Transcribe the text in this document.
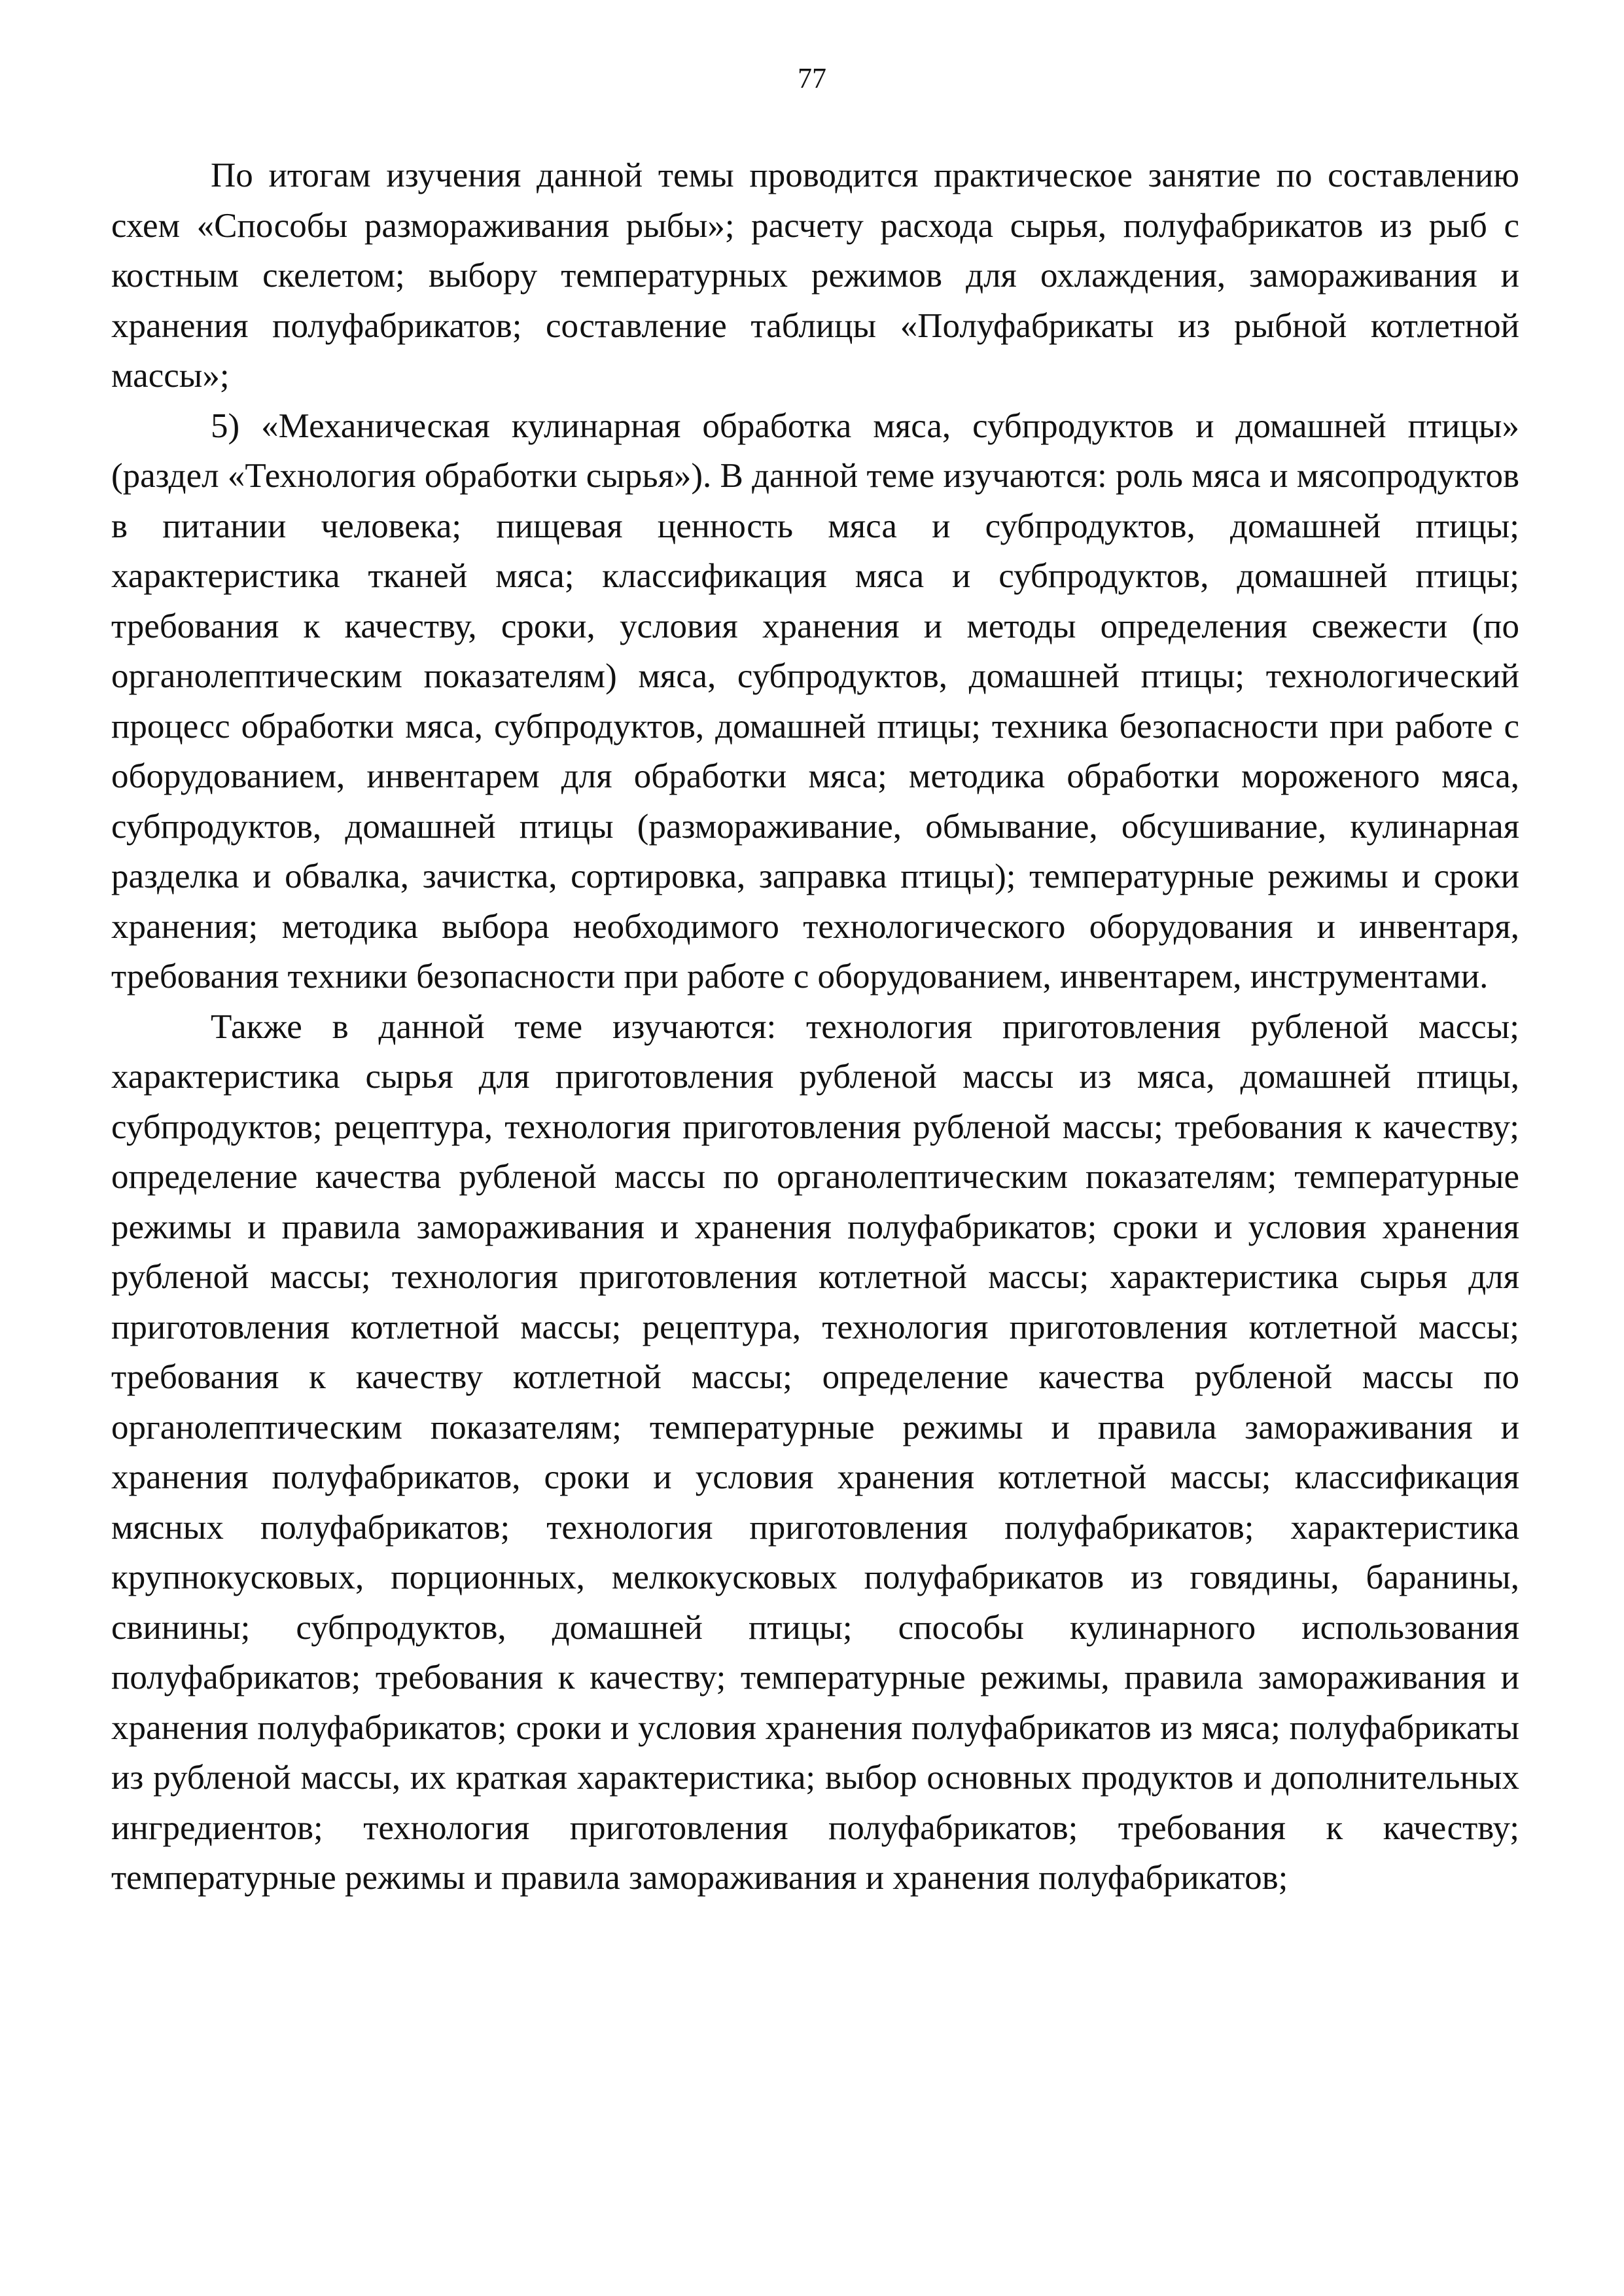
77

По итогам изучения данной темы проводится практическое занятие по составлению схем «Способы размораживания рыбы»; расчету расхода сырья, полуфабрикатов из рыб с костным скелетом; выбору температурных режимов для охлаждения, замораживания и хранения полуфабрикатов; составление таблицы «Полуфабрикаты из рыбной котлетной массы»;

5) «Механическая кулинарная обработка мяса, субпродуктов и домашней птицы» (раздел «Технология обработки сырья»). В данной теме изучаются: роль мяса и мясопродуктов в питании человека; пищевая ценность мяса и субпродуктов, домашней птицы; характеристика тканей мяса; классификация мяса и субпродуктов, домашней птицы; требования к качеству, сроки, условия хранения и методы определения свежести (по органолептическим показателям) мяса, субпродуктов, домашней птицы; технологический процесс обработки мяса, субпродуктов, домашней птицы; техника безопасности при работе с оборудованием, инвентарем для обработки мяса; методика обработки мороженого мяса, субпродуктов, домашней птицы (размораживание, обмывание, обсушивание, кулинарная разделка и обвалка, зачистка, сортировка, заправка птицы); температурные режимы и сроки хранения; методика выбора необходимого технологического оборудования и инвентаря, требования техники безопасности при работе с оборудованием, инвентарем, инструментами.

Также в данной теме изучаются: технология приготовления рубленой массы; характеристика сырья для приготовления рубленой массы из мяса, домашней птицы, субпродуктов; рецептура, технология приготовления рубленой массы; требования к качеству; определение качества рубленой массы по органолептическим показателям; температурные режимы и правила замораживания и хранения полуфабрикатов; сроки и условия хранения рубленой массы; технология приготовления котлетной массы; характеристика сырья для приготовления котлетной массы; рецептура, технология приготовления котлетной массы; требования к качеству котлетной массы; определение качества рубленой массы по органолептическим показателям; температурные режимы и правила замораживания и хранения полуфабрикатов, сроки и условия хранения котлетной массы; классификация мясных полуфабрикатов; технология приготовления полуфабрикатов; характеристика крупнокусковых, порционных, мелкокусковых полуфабрикатов из говядины, баранины, свинины; субпродуктов, домашней птицы; способы кулинарного использования полуфабрикатов; требования к качеству; температурные режимы, правила замораживания и хранения полуфабрикатов; сроки и условия хранения полуфабрикатов из мяса; полуфабрикаты из рубленой массы, их краткая характеристика; выбор основных продуктов и дополнительных ингредиентов; технология приготовления полуфабрикатов; требования к качеству; температурные режимы и правила замораживания и хранения полуфабрикатов;
